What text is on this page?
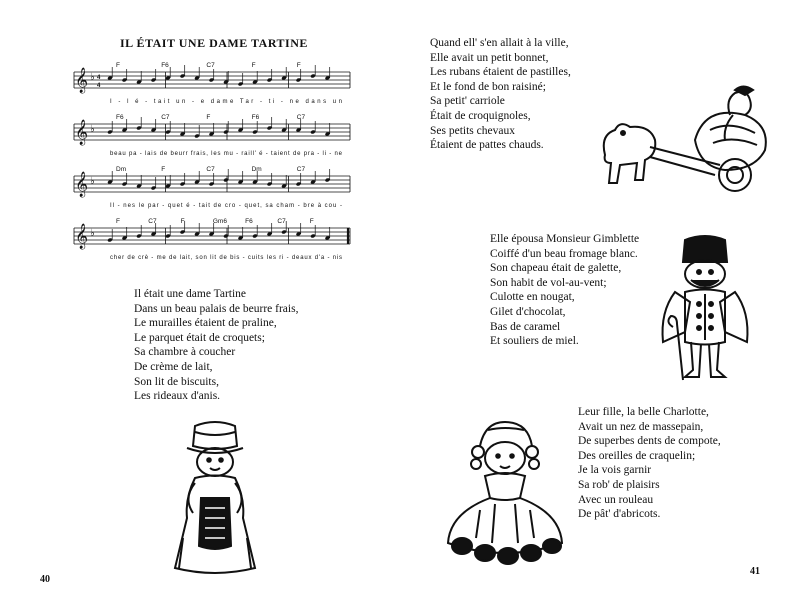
IL ÉTAIT UNE DAME TARTINE
𝄞 ♭ 4
4
F	F6	C7	F	F
I - l é - tait un - e dame Tar - ti - ne dans un
𝄞 ♭
F6	C7	F	F6	C7
beau pa - lais de beurr frais, les mu - raill' é - taient de pra - li - ne
𝄞 ♭
Dm	F	C7	Dm	C7
Il - nes le par - quet é - tait de cro - quet, sa cham - bre à cou -
𝄞 ♭
F	C7	F	Gm6	F6	C7	F
cher de crè - me de lait, son lit de bis - cuits les ri - deaux d'a - nis
Il était une dame Tartine
Dans un beau palais de beurre frais,
Le murailles étaient de praline,
Le parquet était de croquets;
Sa chambre à coucher
De crème de lait,
Son lit de biscuits,
Les rideaux d'anis.
Quand ell' s'en allait à la ville,
Elle avait un petit bonnet,
Les rubans étaient de pastilles,
Et le fond de bon raisiné;
Sa petit' carriole
Était de croquignoles,
Ses petits chevaux
Étaient de pattes chauds.
Elle épousa Monsieur Gimblette
Coiffé d'un beau fromage blanc.
Son chapeau était de galette,
Son habit de vol-au-vent;
Culotte en nougat,
Gilet d'chocolat,
Bas de caramel
Et souliers de miel.
Leur fille, la belle Charlotte,
Avait un nez de massepain,
De superbes dents de compote,
Des oreilles de craquelin;
Je la vois garnir
Sa rob' de plaisirs
Avec un rouleau
De pât' d'abricots.
40
41
